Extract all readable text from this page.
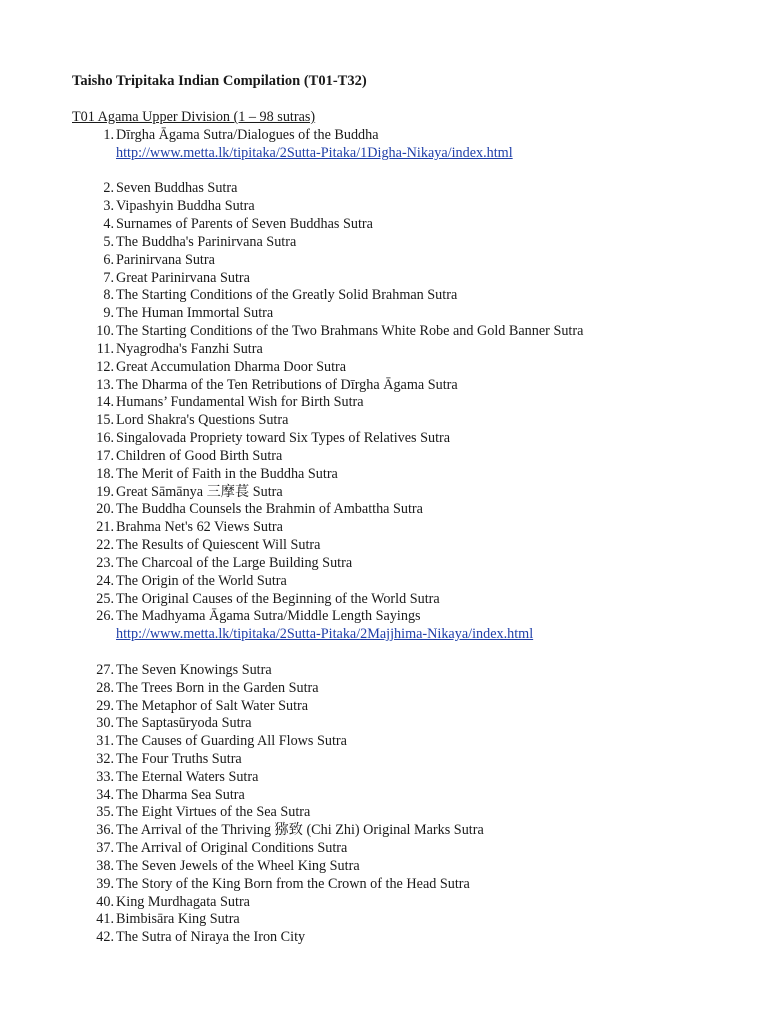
Taisho Tripitaka Indian Compilation (T01-T32)
T01 Agama Upper Division (1 – 98 sutras)
1. Dīrgha Āgama Sutra/Dialogues of the Buddha
http://www.metta.lk/tipitaka/2Sutta-Pitaka/1Digha-Nikaya/index.html
2. Seven Buddhas Sutra
3. Vipashyin Buddha Sutra
4. Surnames of Parents of Seven Buddhas Sutra
5. The Buddha's Parinirvana Sutra
6. Parinirvana Sutra
7. Great Parinirvana Sutra
8. The Starting Conditions of the Greatly Solid Brahman Sutra
9. The Human Immortal Sutra
10. The Starting Conditions of the Two Brahmans White Robe and Gold Banner Sutra
11. Nyagrodha's Fanzhi Sutra
12. Great Accumulation Dharma Door Sutra
13. The Dharma of the Ten Retributions of Dīrgha Āgama Sutra
14. Humans’ Fundamental Wish for Birth Sutra
15. Lord Shakra's Questions Sutra
16. Singalovada Propriety toward Six Types of Relatives Sutra
17. Children of Good Birth Sutra
18. The Merit of Faith in the Buddha Sutra
19. Great Sāmānya 三摩萇 Sutra
20. The Buddha Counsels the Brahmin of Ambattha Sutra
21. Brahma Net's 62 Views Sutra
22. The Results of Quiescent Will Sutra
23. The Charcoal of the Large Building Sutra
24. The Origin of the World Sutra
25. The Original Causes of the Beginning of the World Sutra
26. The Madhyama Āgama Sutra/Middle Length Sayings
http://www.metta.lk/tipitaka/2Sutta-Pitaka/2Majjhima-Nikaya/index.html
27. The Seven Knowings Sutra
28. The Trees Born in the Garden Sutra
29. The Metaphor of Salt Water Sutra
30. The Saptasūryoda Sutra
31. The Causes of Guarding All Flows Sutra
32. The Four Truths Sutra
33. The Eternal Waters Sutra
34. The Dharma Sea Sutra
35. The Eight Virtues of the Sea Sutra
36. The Arrival of the Thriving 猕致 (Chi Zhi) Original Marks Sutra
37. The Arrival of Original Conditions Sutra
38. The Seven Jewels of the Wheel King Sutra
39. The Story of the King Born from the Crown of the Head Sutra
40. King Murdhagata Sutra
41. Bimbisāra King Sutra
42. The Sutra of Niraya the Iron City
